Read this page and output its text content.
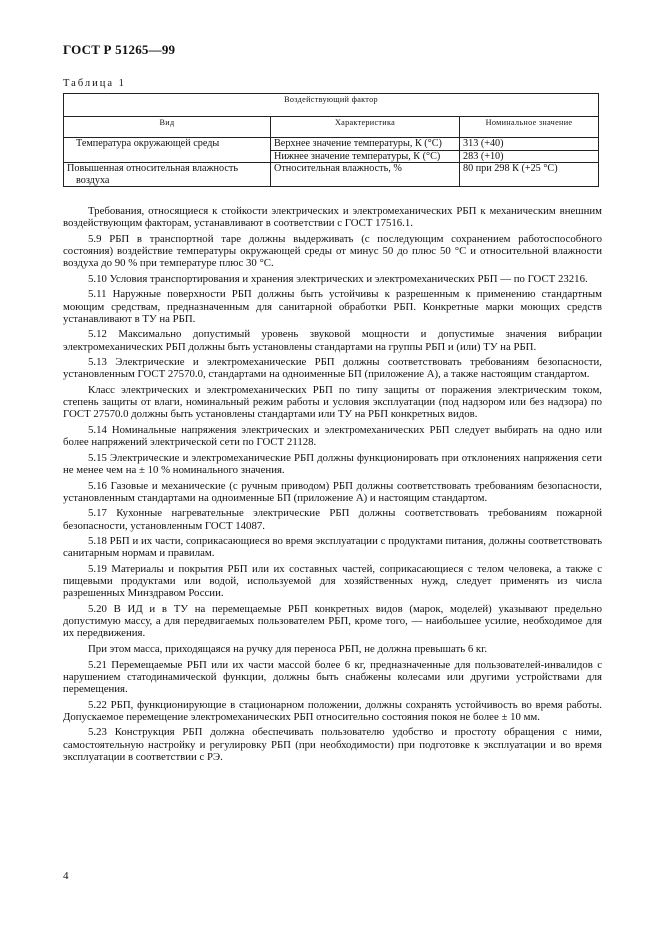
ГОСТ Р 51265—99
Таблица 1
Воздействующий фактор		
Вид	Характеристика	Номинальное значение
Температура окружающей среды	Верхнее значение температуры, К (°С)	313 (+40)
	Нижнее значение температуры, К (°С)	283 (+10)
Повышенная относительная влажность воздуха	Относительная влажность, %	80 при 298 К (+25 °С)

Требования, относящиеся к стойкости электрических и электромеханических РБП к механическим внешним воздействующим факторам, устанавливают в соответствии с ГОСТ 17516.1.

5.9 РБП в транспортной таре должны выдерживать (с последующим сохранением работоспособного состояния) воздействие температуры окружающей среды от минус 50 до плюс 50 °С и относительной влажности воздуха до 90 % при температуре плюс 30 °С.

5.10 Условия транспортирования и хранения электрических и электромеханических РБП — по ГОСТ 23216.

5.11 Наружные поверхности РБП должны быть устойчивы к разрешенным к применению стандартным моющим средствам, предназначенным для санитарной обработки РБП. Конкретные марки моющих средств устанавливают в ТУ на РБП.

5.12 Максимально допустимый уровень звуковой мощности и допустимые значения вибрации электромеханических РБП должны быть установлены стандартами на группы РБП и (или) ТУ на РБП.

5.13 Электрические и электромеханические РБП должны соответствовать требованиям безопасности, установленным ГОСТ 27570.0, стандартами на одноименные БП (приложение А), а также настоящим стандартом.

Класс электрических и электромеханических РБП по типу защиты от поражения электрическим током, степень защиты от влаги, номинальный режим работы и условия эксплуатации (под надзором или без надзора) по ГОСТ 27570.0 должны быть установлены стандартами или ТУ на РБП конкретных видов.

5.14 Номинальные напряжения электрических и электромеханических РБП следует выбирать на одно или более напряжений электрической сети по ГОСТ 21128.

5.15 Электрические и электромеханические РБП должны функционировать при отклонениях напряжения сети не менее чем на ± 10 % номинального значения.

5.16 Газовые и механические (с ручным приводом) РБП должны соответствовать требованиям безопасности, установленным стандартами на одноименные БП (приложение А) и настоящим стандартом.

5.17 Кухонные нагревательные электрические РБП должны соответствовать требованиям пожарной безопасности, установленным ГОСТ 14087.

5.18 РБП и их части, соприкасающиеся во время эксплуатации с продуктами питания, должны соответствовать санитарным нормам и правилам.

5.19 Материалы и покрытия РБП или их составных частей, соприкасающиеся с телом человека, а также с пищевыми продуктами или водой, используемой для хозяйственных нужд, следует применять из числа разрешенных Минздравом России.

5.20 В ИД и в ТУ на перемещаемые РБП конкретных видов (марок, моделей) указывают предельно допустимую массу, а для передвигаемых пользователем РБП, кроме того, — наибольшее усилие, необходимое для их передвижения.

При этом масса, приходящаяся на ручку для переноса РБП, не должна превышать 6 кг.

5.21 Перемещаемые РБП или их части массой более 6 кг, предназначенные для пользователей-инвалидов с нарушением статодинамической функции, должны быть снабжены колесами или другими устройствами для перемещения.

5.22 РБП, функционирующие в стационарном положении, должны сохранять устойчивость во время работы. Допускаемое перемещение электромеханических РБП относительно состояния покоя не более ± 10 мм.

5.23 Конструкция РБП должна обеспечивать пользователю удобство и простоту обращения с ними, самостоятельную настройку и регулировку РБП (при необходимости) при подготовке к эксплуатации и во время эксплуатации в соответствии с РЭ.

4
